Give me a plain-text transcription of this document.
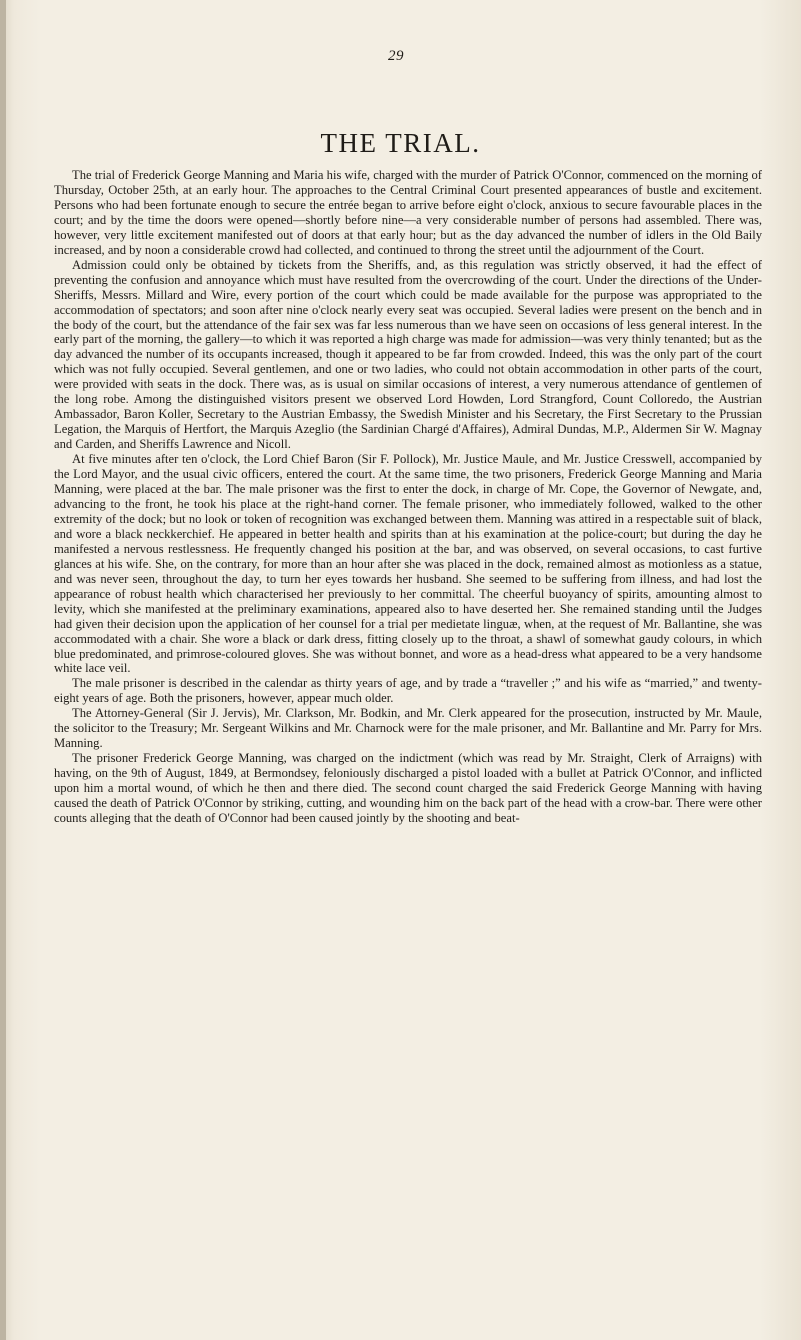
29
THE TRIAL.

The trial of Frederick George Manning and Maria his wife, charged with the murder of Patrick O'Connor, commenced on the morning of Thursday, October 25th, at an early hour. The approaches to the Central Criminal Court presented appearances of bustle and excitement. Persons who had been fortunate enough to secure the entrée began to arrive before eight o'clock, anxious to secure favourable places in the court; and by the time the doors were opened—shortly before nine—a very considerable number of persons had assembled. There was, however, very little excitement manifested out of doors at that early hour; but as the day advanced the number of idlers in the Old Baily increased, and by noon a considerable crowd had collected, and continued to throng the street until the adjournment of the Court.

Admission could only be obtained by tickets from the Sheriffs, and, as this regulation was strictly observed, it had the effect of preventing the confusion and annoyance which must have resulted from the overcrowding of the court. Under the directions of the Under-Sheriffs, Messrs. Millard and Wire, every portion of the court which could be made available for the purpose was appropriated to the accommodation of spectators; and soon after nine o'clock nearly every seat was occupied. Several ladies were present on the bench and in the body of the court, but the attendance of the fair sex was far less numerous than we have seen on occasions of less general interest. In the early part of the morning, the gallery—to which it was reported a high charge was made for admission—was very thinly tenanted; but as the day advanced the number of its occupants increased, though it appeared to be far from crowded. Indeed, this was the only part of the court which was not fully occupied. Several gentlemen, and one or two ladies, who could not obtain accommodation in other parts of the court, were provided with seats in the dock. There was, as is usual on similar occasions of interest, a very numerous attendance of gentlemen of the long robe. Among the distinguished visitors present we observed Lord Howden, Lord Strangford, Count Colloredo, the Austrian Ambassador, Baron Koller, Secretary to the Austrian Embassy, the Swedish Minister and his Secretary, the First Secretary to the Prussian Legation, the Marquis of Hertfort, the Marquis Azeglio (the Sardinian Chargé d'Affaires), Admiral Dundas, M.P., Aldermen Sir W. Magnay and Carden, and Sheriffs Lawrence and Nicoll.

At five minutes after ten o'clock, the Lord Chief Baron (Sir F. Pollock), Mr. Justice Maule, and Mr. Justice Cresswell, accompanied by the Lord Mayor, and the usual civic officers, entered the court. At the same time, the two prisoners, Frederick George Manning and Maria Manning, were placed at the bar. The male prisoner was the first to enter the dock, in charge of Mr. Cope, the Governor of Newgate, and, advancing to the front, he took his place at the right-hand corner. The female prisoner, who immediately followed, walked to the other extremity of the dock; but no look or token of recognition was exchanged between them. Manning was attired in a respectable suit of black, and wore a black neckkerchief. He appeared in better health and spirits than at his examination at the police-court; but during the day he manifested a nervous restlessness. He frequently changed his position at the bar, and was observed, on several occasions, to cast furtive glances at his wife. She, on the contrary, for more than an hour after she was placed in the dock, remained almost as motionless as a statue, and was never seen, throughout the day, to turn her eyes towards her husband. She seemed to be suffering from illness, and had lost the appearance of robust health which characterised her previously to her committal. The cheerful buoyancy of spirits, amounting almost to levity, which she manifested at the preliminary examinations, appeared also to have deserted her. She remained standing until the Judges had given their decision upon the application of her counsel for a trial per medietate linguæ, when, at the request of Mr. Ballantine, she was accommodated with a chair. She wore a black or dark dress, fitting closely up to the throat, a shawl of somewhat gaudy colours, in which blue predominated, and primrose-coloured gloves. She was without bonnet, and wore as a head-dress what appeared to be a very handsome white lace veil.

The male prisoner is described in the calendar as thirty years of age, and by trade a “traveller ;” and his wife as “married,” and twenty-eight years of age. Both the prisoners, however, appear much older.

The Attorney-General (Sir J. Jervis), Mr. Clarkson, Mr. Bodkin, and Mr. Clerk appeared for the prosecution, instructed by Mr. Maule, the solicitor to the Treasury; Mr. Sergeant Wilkins and Mr. Charnock were for the male prisoner, and Mr. Ballantine and Mr. Parry for Mrs. Manning.

The prisoner Frederick George Manning, was charged on the indictment (which was read by Mr. Straight, Clerk of Arraigns) with having, on the 9th of August, 1849, at Bermondsey, feloniously discharged a pistol loaded with a bullet at Patrick O'Connor, and inflicted upon him a mortal wound, of which he then and there died. The second count charged the said Frederick George Manning with having caused the death of Patrick O'Connor by striking, cutting, and wounding him on the back part of the head with a crow-bar. There were other counts alleging that the death of O'Connor had been caused jointly by the shooting and beat-
